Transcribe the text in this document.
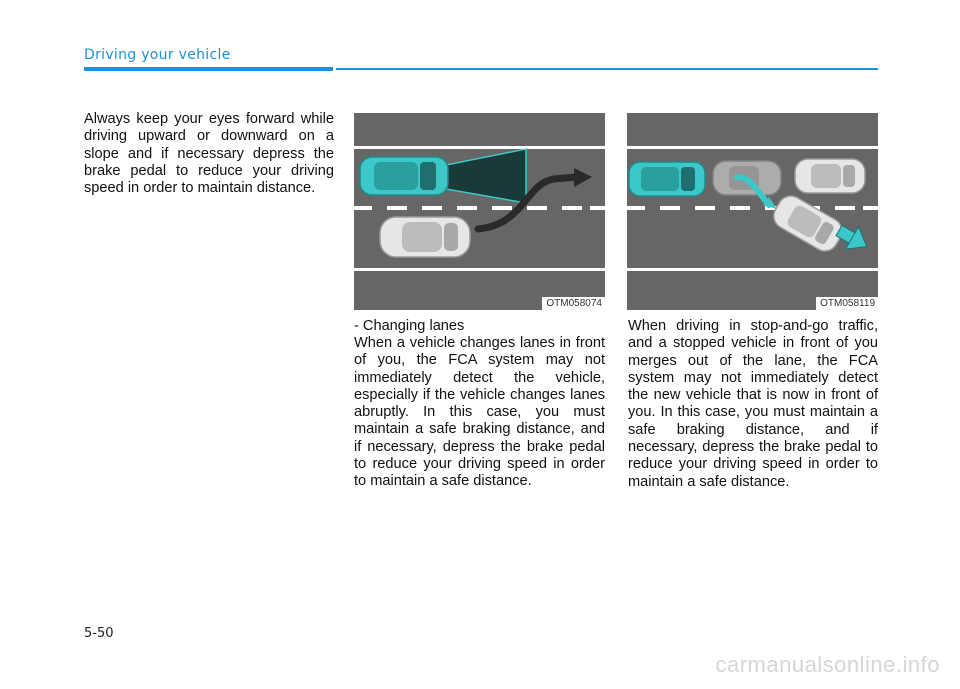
Driving your vehicle

Always keep your eyes forward while driving upward or downward on a slope and if necessary depress the brake pedal to reduce your driving speed in order to maintain distance.

OTM058074

- Changing lanes

When a vehicle changes lanes in front of you, the FCA system may not immediately detect the vehicle, especially if the vehicle changes lanes abruptly. In this case, you must maintain a safe braking distance, and if necessary, depress the brake pedal to reduce your driving speed in order to maintain a safe distance.

OTM058119

When driving in stop-and-go traffic, and a stopped vehicle in front of you merges out of the lane, the FCA system may not immediately detect the new vehicle that is now in front of you. In this case, you must maintain a safe braking distance, and if necessary, depress the brake pedal to reduce your driving speed in order to maintain a safe distance.

5-50
carmanualsonline.info
